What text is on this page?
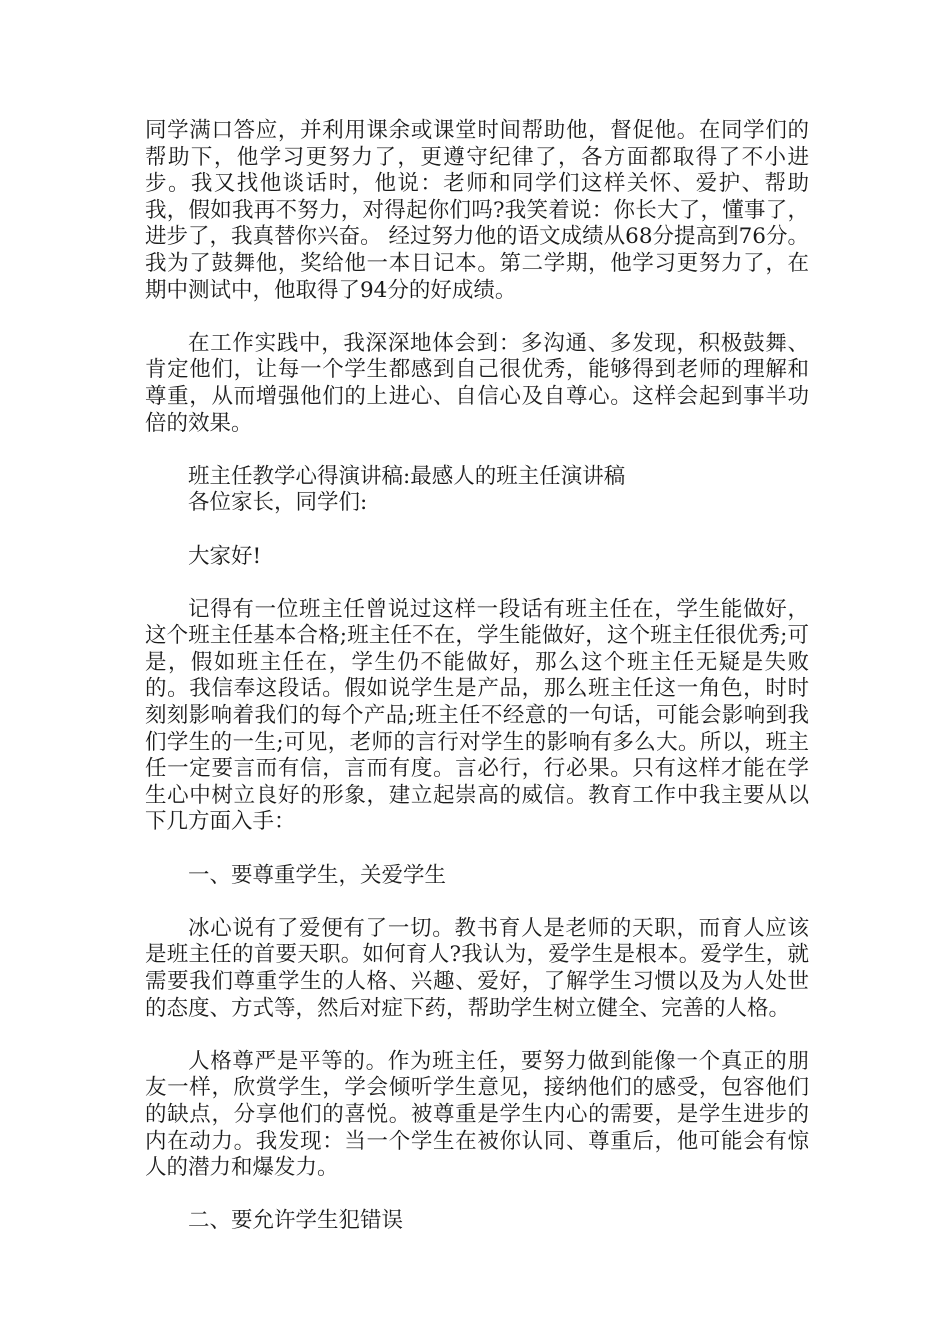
同学满口答应，并利用课余或课堂时间帮助他，督促他。在同学们的帮助下，他学习更努力了，更遵守纪律了，各方面都取得了不小进步。我又找他谈话时，他说：老师和同学们这样关怀、爱护、帮助我，假如我再不努力，对得起你们吗?我笑着说：你长大了，懂事了，进步了，我真替你兴奋。 经过努力他的语文成绩从68分提高到76分。我为了鼓舞他，奖给他一本日记本。第二学期，他学习更努力了，在期中测试中，他取得了94分的好成绩。

在工作实践中，我深深地体会到：多沟通、多发现，积极鼓舞、肯定他们，让每一个学生都感到自己很优秀，能够得到老师的理解和尊重，从而增强他们的上进心、自信心及自尊心。这样会起到事半功倍的效果。

班主任教学心得演讲稿:最感人的班主任演讲稿

各位家长，同学们:

大家好!

记得有一位班主任曾说过这样一段话有班主任在，学生能做好，这个班主任基本合格;班主任不在，学生能做好，这个班主任很优秀;可是，假如班主任在，学生仍不能做好，那么这个班主任无疑是失败的。我信奉这段话。假如说学生是产品，那么班主任这一角色，时时刻刻影响着我们的每个产品;班主任不经意的一句话，可能会影响到我们学生的一生;可见，老师的言行对学生的影响有多么大。所以，班主任一定要言而有信，言而有度。言必行，行必果。只有这样才能在学生心中树立良好的形象，建立起崇高的威信。教育工作中我主要从以下几方面入手：

一、要尊重学生，关爱学生

冰心说有了爱便有了一切。教书育人是老师的天职，而育人应该是班主任的首要天职。如何育人?我认为，爱学生是根本。爱学生，就需要我们尊重学生的人格、兴趣、爱好，了解学生习惯以及为人处世的态度、方式等，然后对症下药，帮助学生树立健全、完善的人格。

人格尊严是平等的。作为班主任，要努力做到能像一个真正的朋友一样，欣赏学生，学会倾听学生意见，接纳他们的感受，包容他们的缺点，分享他们的喜悦。被尊重是学生内心的需要，是学生进步的内在动力。我发现：当一个学生在被你认同、尊重后，他可能会有惊人的潜力和爆发力。

二、要允许学生犯错误
